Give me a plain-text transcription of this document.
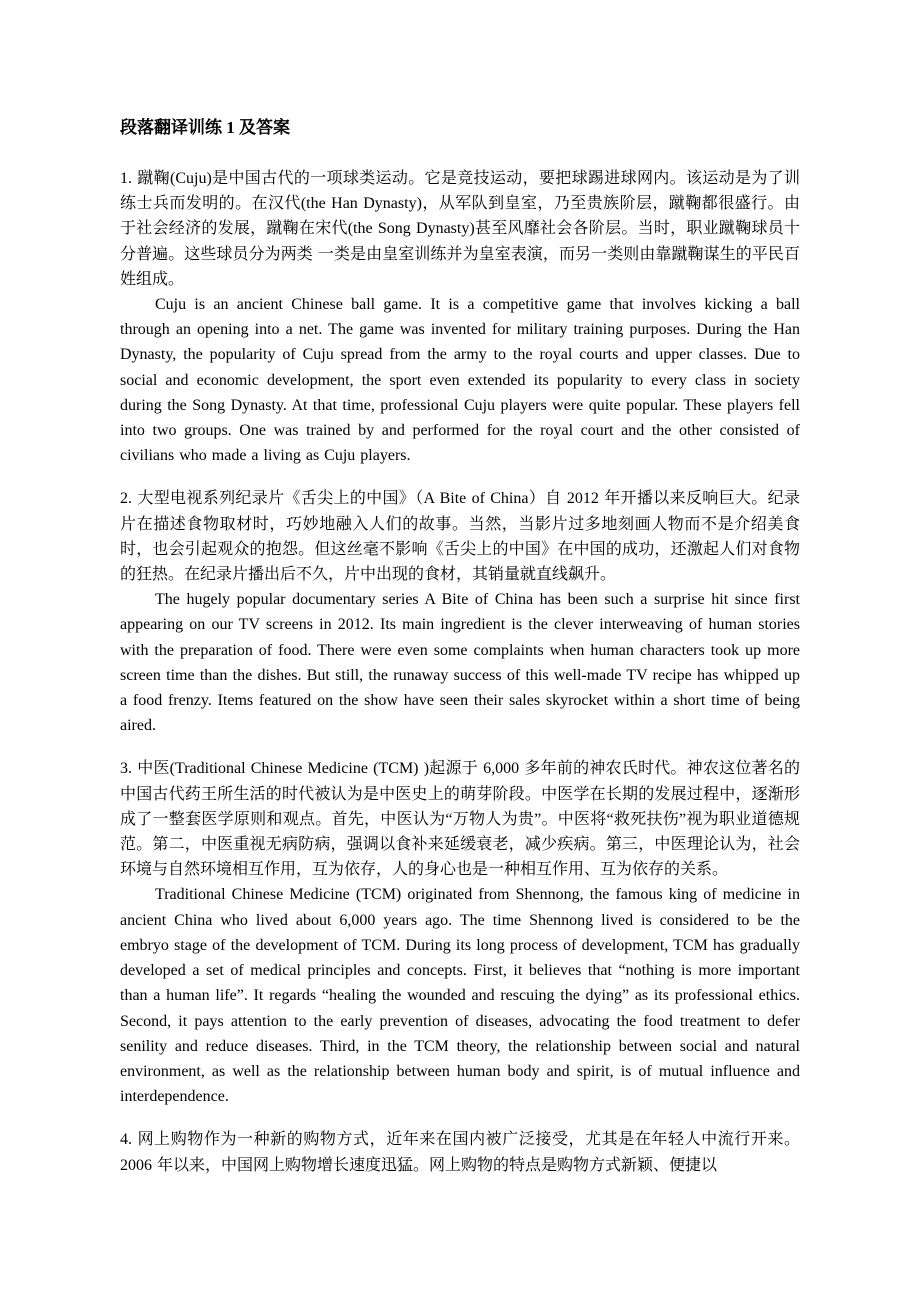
段落翻译训练 1 及答案

1. 蹴鞠(Cuju)是中国古代的一项球类运动。它是竞技运动，要把球踢进球网内。该运动是为了训练士兵而发明的。在汉代(the Han Dynasty)，从军队到皇室，乃至贵族阶层，蹴鞠都很盛行。由于社会经济的发展，蹴鞠在宋代(the Song Dynasty)甚至风靡社会各阶层。当时，职业蹴鞠球员十分普遍。这些球员分为两类 一类是由皇室训练并为皇室表演，而另一类则由靠蹴鞠谋生的平民百姓组成。

Cuju is an ancient Chinese ball game. It is a competitive game that involves kicking a ball through an opening into a net. The game was invented for military training purposes. During the Han Dynasty, the popularity of Cuju spread from the army to the royal courts and upper classes. Due to social and economic development, the sport even extended its popularity to every class in society during the Song Dynasty. At that time, professional Cuju players were quite popular. These players fell into two groups. One was trained by and performed for the royal court and the other consisted of civilians who made a living as Cuju players.

2. 大型电视系列纪录片《舌尖上的中国》（A Bite of China）自 2012 年开播以来反响巨大。纪录片在描述食物取材时，巧妙地融入人们的故事。当然，当影片过多地刻画人物而不是介绍美食时，也会引起观众的抱怨。但这丝毫不影响《舌尖上的中国》在中国的成功，还激起人们对食物的狂热。在纪录片播出后不久，片中出现的食材，其销量就直线飙升。

The hugely popular documentary series A Bite of China has been such a surprise hit since first appearing on our TV screens in 2012. Its main ingredient is the clever interweaving of human stories with the preparation of food. There were even some complaints when human characters took up more screen time than the dishes. But still, the runaway success of this well-made TV recipe has whipped up a food frenzy. Items featured on the show have seen their sales skyrocket within a short time of being aired.

3. 中医(Traditional Chinese Medicine (TCM) )起源于 6,000 多年前的神农氏时代。神农这位著名的中国古代药王所生活的时代被认为是中医史上的萌芽阶段。中医学在长期的发展过程中，逐渐形成了一整套医学原则和观点。首先，中医认为“万物人为贵”。中医将“救死扶伤”视为职业道德规范。第二，中医重视无病防病，强调以食补来延缓衰老，减少疾病。第三，中医理论认为，社会环境与自然环境相互作用，互为依存，人的身心也是一种相互作用、互为依存的关系。

Traditional Chinese Medicine (TCM) originated from Shennong, the famous king of medicine in ancient China who lived about 6,000 years ago. The time Shennong lived is considered to be the embryo stage of the development of TCM. During its long process of development, TCM has gradually developed a set of medical principles and concepts. First, it believes that “nothing is more important than a human life”. It regards “healing the wounded and rescuing the dying” as its professional ethics. Second, it pays attention to the early prevention of diseases, advocating the food treatment to defer senility and reduce diseases. Third, in the TCM theory, the relationship between social and natural environment, as well as the relationship between human body and spirit, is of mutual influence and interdependence.

4. 网上购物作为一种新的购物方式，近年来在国内被广泛接受，尤其是在年轻人中流行开来。2006 年以来，中国网上购物增长速度迅猛。网上购物的特点是购物方式新颖、便捷以
